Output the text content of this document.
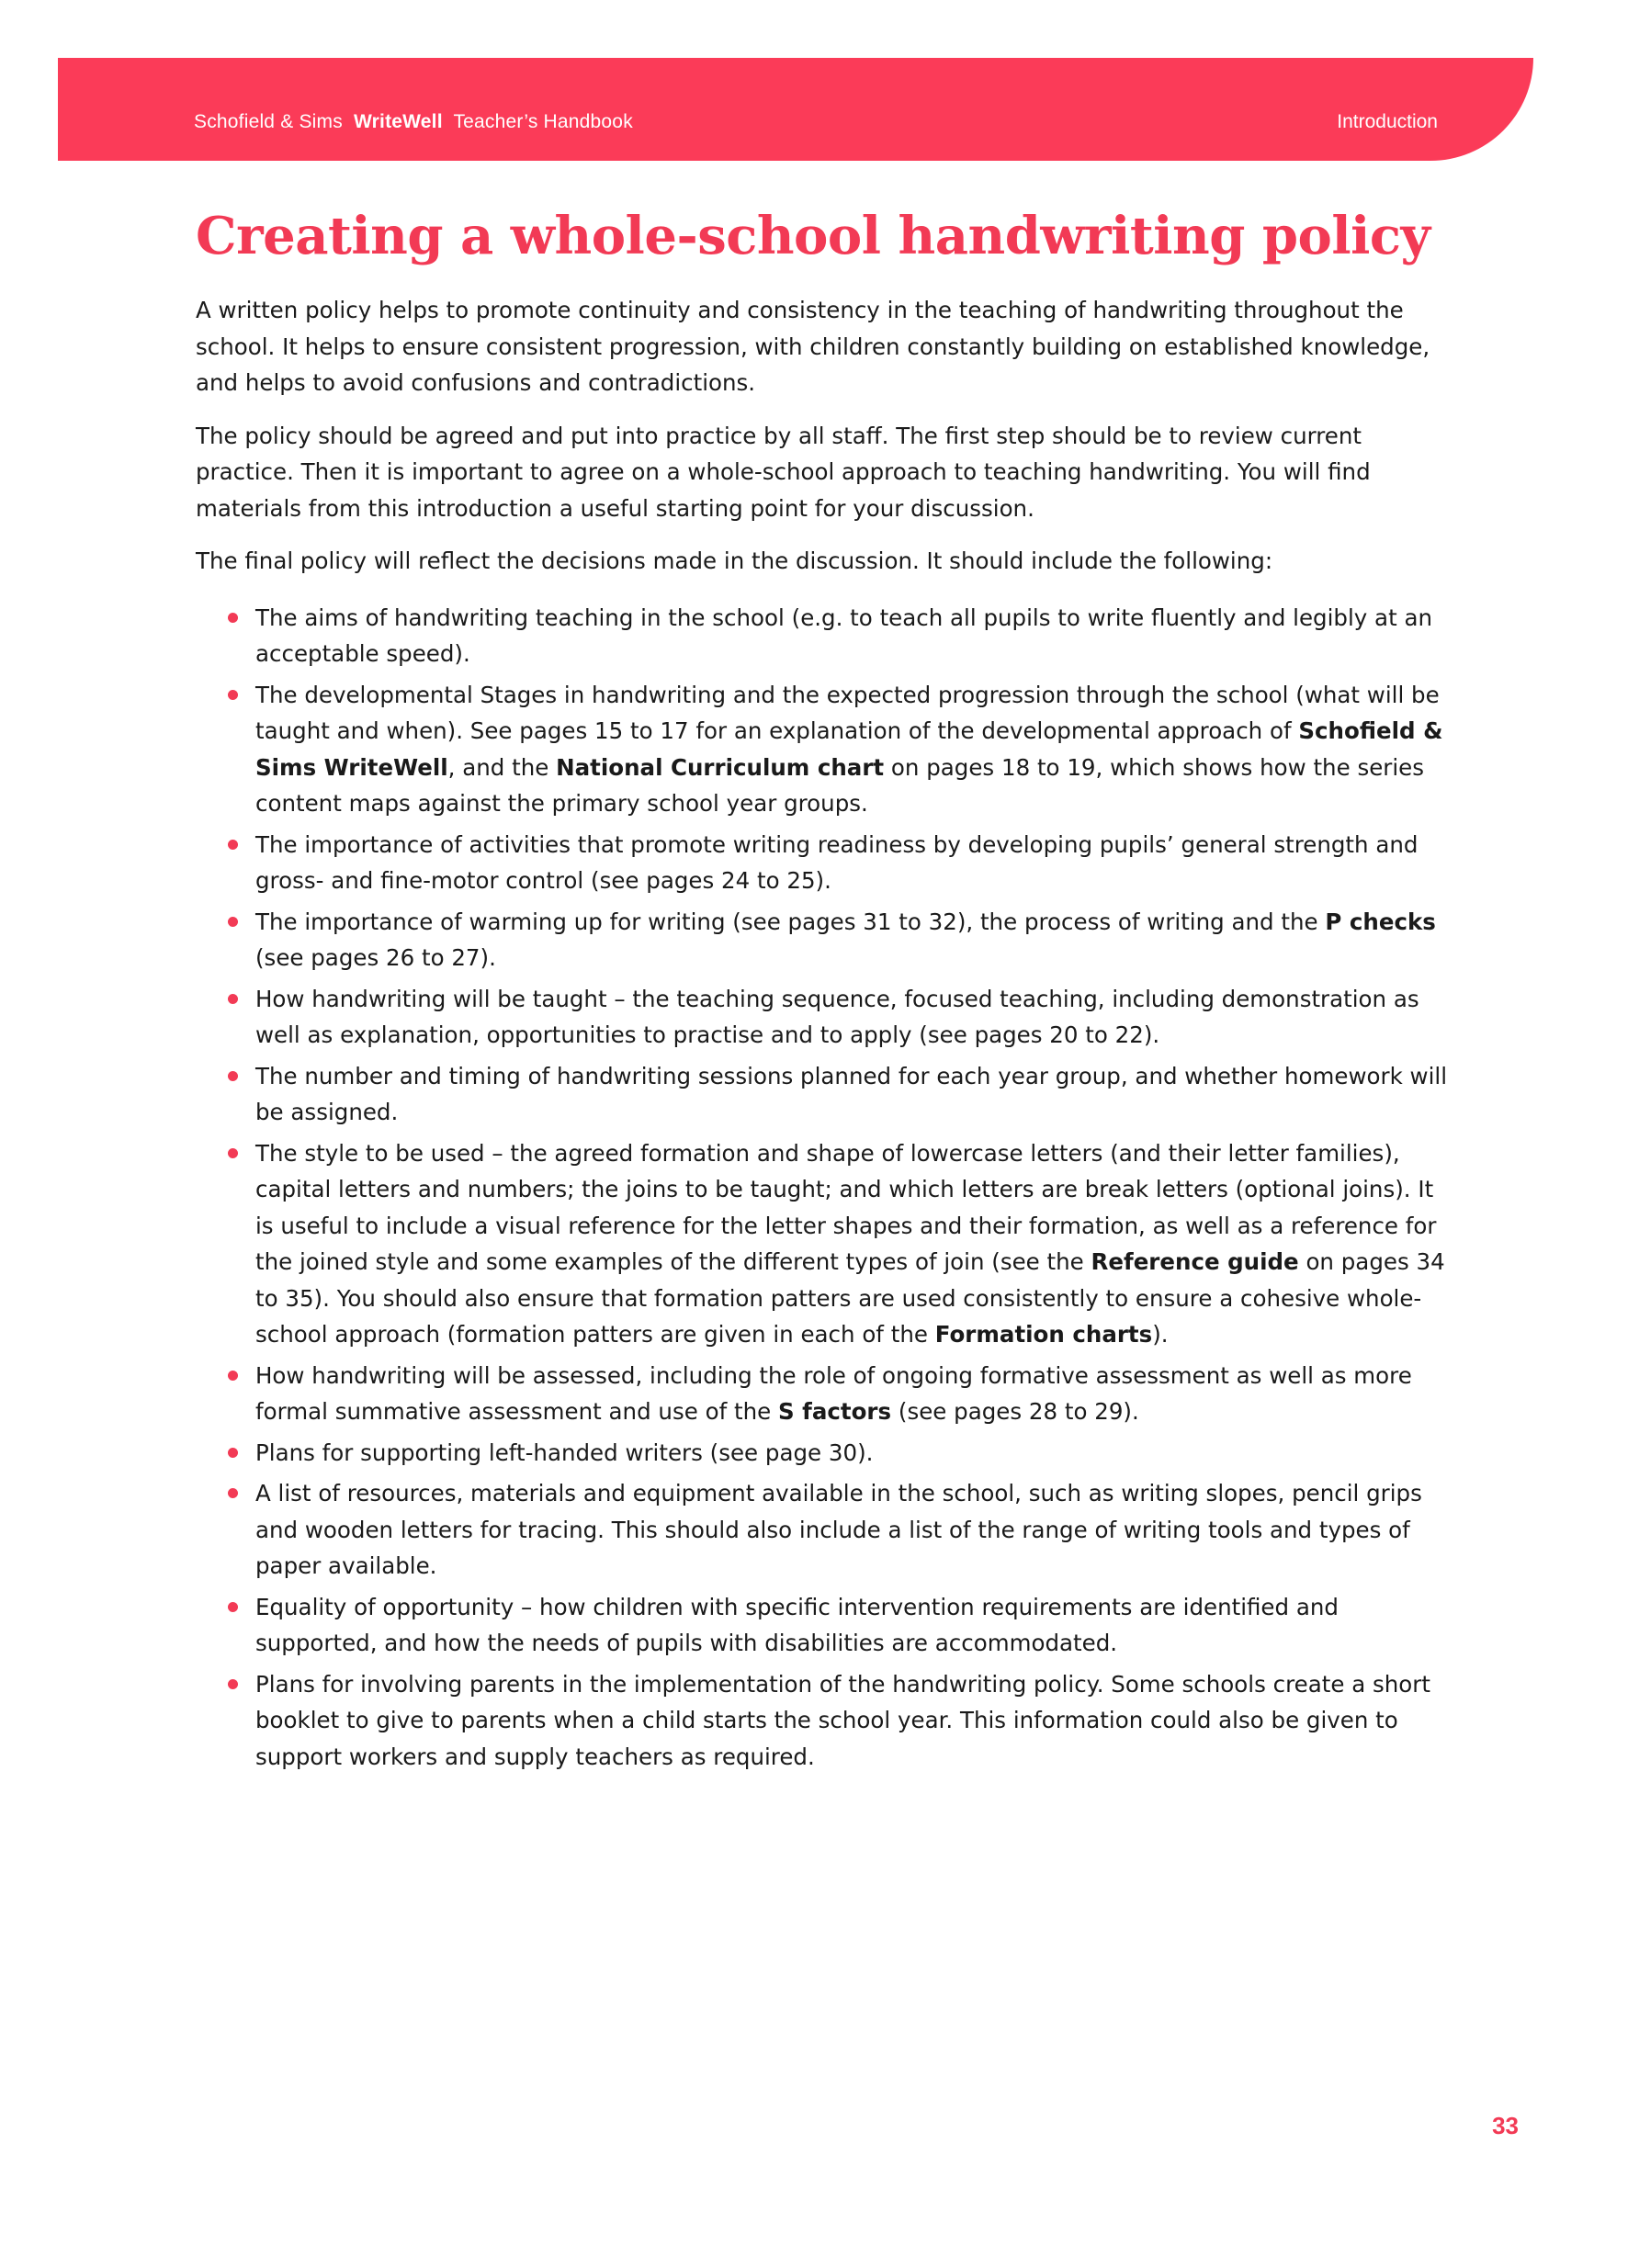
Schofield & Sims WriteWell Teacher’s Handbook	Introduction
Creating a whole-school handwriting policy

A written policy helps to promote continuity and consistency in the teaching of handwriting throughout the school. It helps to ensure consistent progression, with children constantly building on established knowledge, and helps to avoid confusions and contradictions.

The policy should be agreed and put into practice by all staff. The first step should be to review current practice. Then it is important to agree on a whole-school approach to teaching handwriting. You will find materials from this introduction a useful starting point for your discussion.

The final policy will reflect the decisions made in the discussion. It should include the following:

The aims of handwriting teaching in the school (e.g. to teach all pupils to write fluently and legibly at an acceptable speed).
The developmental Stages in handwriting and the expected progression through the school (what will be taught and when). See pages 15 to 17 for an explanation of the developmental approach of Schofield & Sims WriteWell, and the National Curriculum chart on pages 18 to 19, which shows how the series content maps against the primary school year groups.
The importance of activities that promote writing readiness by developing pupils’ general strength and gross- and fine-motor control (see pages 24 to 25).
The importance of warming up for writing (see pages 31 to 32), the process of writing and the P checks (see pages 26 to 27).
How handwriting will be taught – the teaching sequence, focused teaching, including demonstration as well as explanation, opportunities to practise and to apply (see pages 20 to 22).
The number and timing of handwriting sessions planned for each year group, and whether homework will be assigned.
The style to be used – the agreed formation and shape of lowercase letters (and their letter families), capital letters and numbers; the joins to be taught; and which letters are break letters (optional joins). It is useful to include a visual reference for the letter shapes and their formation, as well as a reference for the joined style and some examples of the different types of join (see the Reference guide on pages 34 to 35). You should also ensure that formation patters are used consistently to ensure a cohesive whole-school approach (formation patters are given in each of the Formation charts).
How handwriting will be assessed, including the role of ongoing formative assessment as well as more formal summative assessment and use of the S factors (see pages 28 to 29).
Plans for supporting left-handed writers (see page 30).
A list of resources, materials and equipment available in the school, such as writing slopes, pencil grips and wooden letters for tracing. This should also include a list of the range of writing tools and types of paper available.
Equality of opportunity – how children with specific intervention requirements are identified and supported, and how the needs of pupils with disabilities are accommodated.
Plans for involving parents in the implementation of the handwriting policy. Some schools create a short booklet to give to parents when a child starts the school year. This information could also be given to support workers and supply teachers as required.
33
